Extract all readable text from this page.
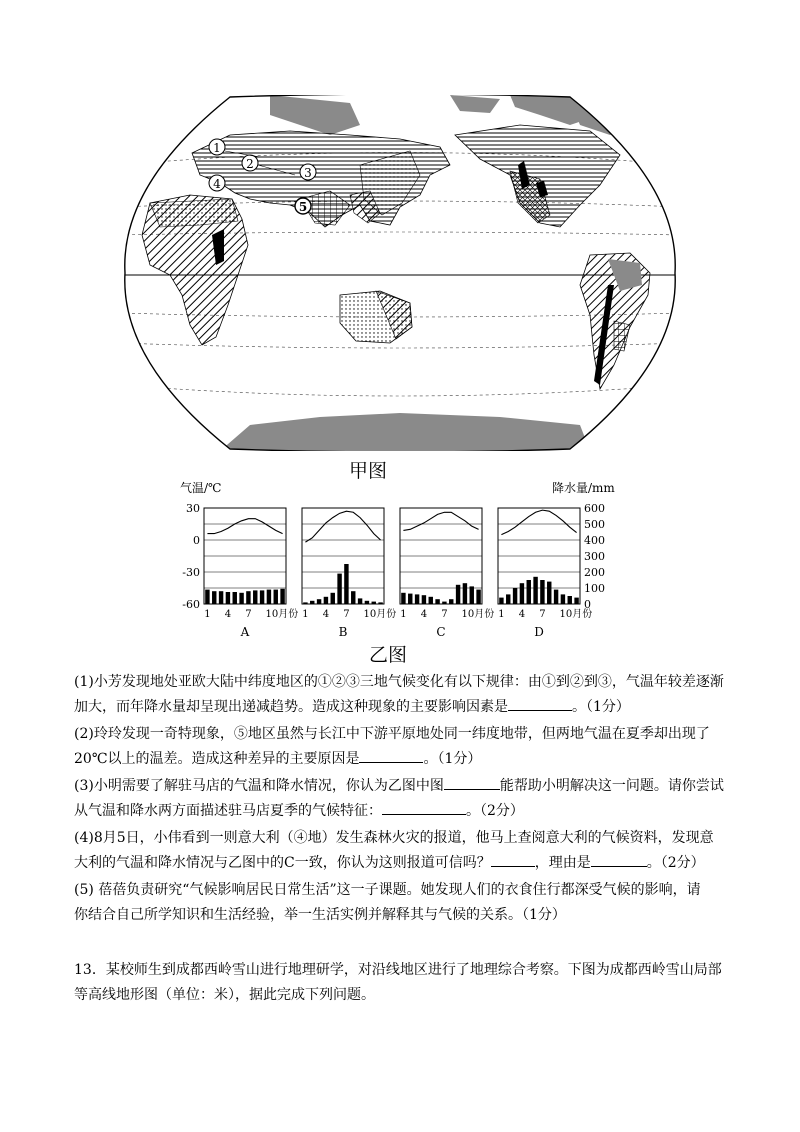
1
2
3
4
5
甲图
气温/℃	降水量/mm
30
0
-30
-60
600
500
400
300
200
100
0
1 4 7 10月份
A
1 4 7 10月份
B
1 4 7 10月份
C
1 4 7 10月份
D
乙图

(1)小芳发现地处亚欧大陆中纬度地区的①②③三地气候变化有以下规律：由①到②到③，气温年较差逐渐
加大，而年降水量却呈现出递减趋势。造成这种现象的主要影响因素是	。（1分）

(2)玲玲发现一奇特现象，⑤地区虽然与长江中下游平原地处同一纬度地带，但两地气温在夏季却出现了
20℃以上的温差。造成这种差异的主要原因是	。（1分）

(3)小明需要了解驻马店的气温和降水情况，你认为乙图中图	能帮助小明解决这一问题。请你尝试
从气温和降水两方面描述驻马店夏季的气候特征：	。（2分）

(4)8月5日，小伟看到一则意大利（④地）发生森林火灾的报道，他马上查阅意大利的气候资料，发现意
大利的气温和降水情况与乙图中的C一致，你认为这则报道可信吗？	，理由是	。（2分）

(5) 蓓蓓负责研究“气候影响居民日常生活”这一子课题。她发现人们的衣食住行都深受气候的影响，请
你结合自己所学知识和生活经验，举一生活实例并解释其与气候的关系。（1分）

13．某校师生到成都西岭雪山进行地理研学，对沿线地区进行了地理综合考察。下图为成都西岭雪山局部
等高线地形图（单位：米），据此完成下列问题。
